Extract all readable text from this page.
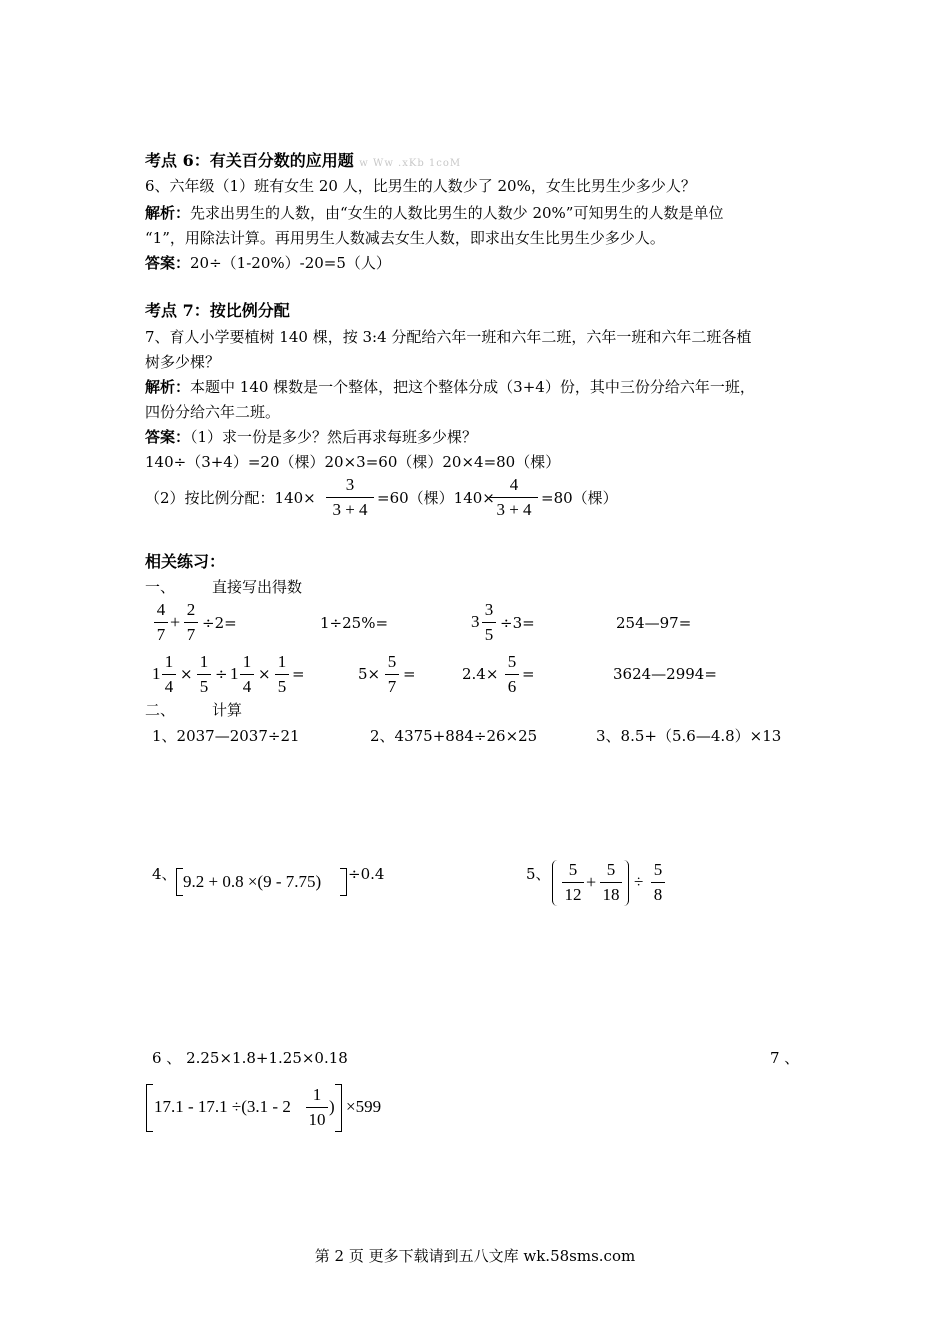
考点 6：有关百分数的应用题 w Ww .xKb 1coM
6、六年级（1）班有女生 20 人，比男生的人数少了 20%，女生比男生少多少人？
解析：先求出男生的人数，由“女生的人数比男生的人数少 20%”可知男生的人数是单位
“1”，用除法计算。再用男生人数减去女生人数，即求出女生比男生少多少人。
答案：20÷（1-20%）-20=5（人）
考点 7：按比例分配
7、育人小学要植树 140 棵，按 3:4 分配给六年一班和六年二班，六年一班和六年二班各植
树多少棵？
解析：本题中 140 棵数是一个整体，把这个整体分成（3+4）份，其中三份分给六年一班，
四份分给六年二班。
答案：（1）求一份是多少？然后再求每班多少棵？
140÷（3+4）=20（棵）20×3=60（棵）20×4=80（棵）
（2）按比例分配：140×
3
3 + 4
=60（棵）140×
4
3 + 4
=80（棵）
相关练习：
一、 直接写出得数
4
7
+
2
7
÷2=	1÷25%=	3
3
5
÷3=	254—97=
1
1
4
×
1
5
÷ 1
1
4
×
1
5
=	5×
5
7
=	2.4×
5
6
=	3624—2994=
二、 计算
1、2037—2037÷21	2、4375+884÷26×25	3、8.5+（5.6—4.8）×13
4、 9.2 + 0.8 ×(9 - 7.75) ÷0.4	5、	5
12
+
5
18
÷
5
8
6 、 2.25×1.8+1.25×0.18	7 、
17.1 - 17.1 ÷(3.1 - 2
1
10
) ×599
第 2 页 更多下载请到五八文库 wk.58sms.com
